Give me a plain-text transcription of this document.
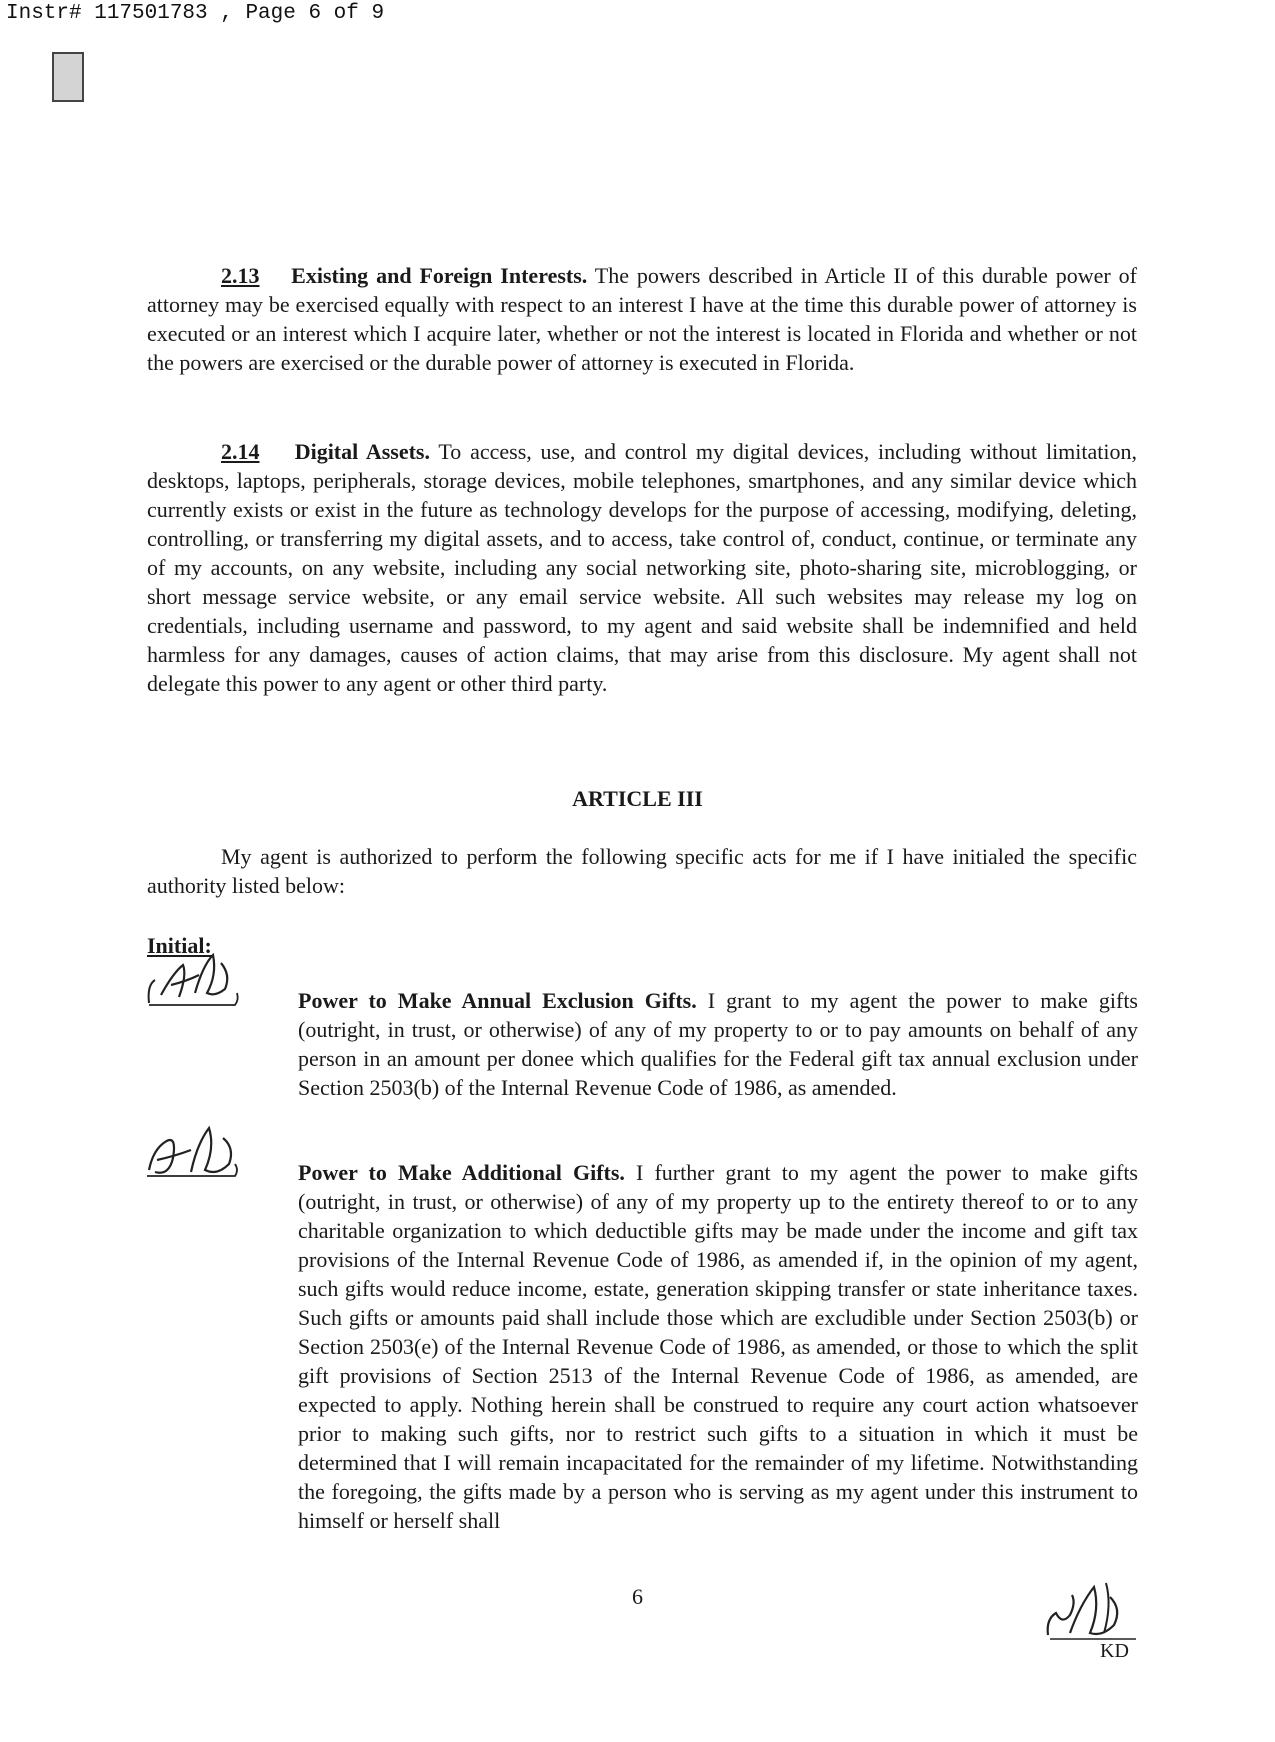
Instr# 117501783 , Page 6 of 9

2.13 Existing and Foreign Interests. The powers described in Article II of this durable power of attorney may be exercised equally with respect to an interest I have at the time this durable power of attorney is executed or an interest which I acquire later, whether or not the interest is located in Florida and whether or not the powers are exercised or the durable power of attorney is executed in Florida.

2.14 Digital Assets. To access, use, and control my digital devices, including without limitation, desktops, laptops, peripherals, storage devices, mobile telephones, smartphones, and any similar device which currently exists or exist in the future as technology develops for the purpose of accessing, modifying, deleting, controlling, or transferring my digital assets, and to access, take control of, conduct, continue, or terminate any of my accounts, on any website, including any social networking site, photo-sharing site, microblogging, or short message service website, or any email service website. All such websites may release my log on credentials, including username and password, to my agent and said website shall be indemnified and held harmless for any damages, causes of action claims, that may arise from this disclosure. My agent shall not delegate this power to any agent or other third party.

ARTICLE III

My agent is authorized to perform the following specific acts for me if I have initialed the specific authority listed below:

Initial:

Power to Make Annual Exclusion Gifts. I grant to my agent the power to make gifts (outright, in trust, or otherwise) of any of my property to or to pay amounts on behalf of any person in an amount per donee which qualifies for the Federal gift tax annual exclusion under Section 2503(b) of the Internal Revenue Code of 1986, as amended.

Power to Make Additional Gifts. I further grant to my agent the power to make gifts (outright, in trust, or otherwise) of any of my property up to the entirety thereof to or to any charitable organization to which deductible gifts may be made under the income and gift tax provisions of the Internal Revenue Code of 1986, as amended if, in the opinion of my agent, such gifts would reduce income, estate, generation skipping transfer or state inheritance taxes. Such gifts or amounts paid shall include those which are excludible under Section 2503(b) or Section 2503(e) of the Internal Revenue Code of 1986, as amended, or those to which the split gift provisions of Section 2513 of the Internal Revenue Code of 1986, as amended, are expected to apply. Nothing herein shall be construed to require any court action whatsoever prior to making such gifts, nor to restrict such gifts to a situation in which it must be determined that I will remain incapacitated for the remainder of my lifetime. Notwithstanding the foregoing, the gifts made by a person who is serving as my agent under this instrument to himself or herself shall

6
KD
